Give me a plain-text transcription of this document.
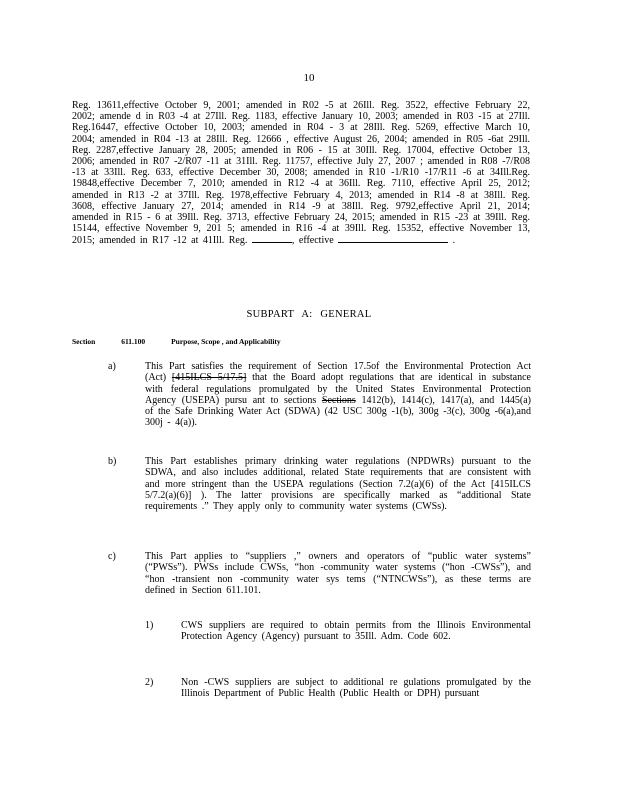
10
Reg. 13611,effective October 9, 2001; amended in R02 -5 at 26Ill. Reg. 3522, effective February 22, 2002; amende d in R03 -4 at 27Ill. Reg. 1183, effective January 10, 2003; amended in R03 -15 at 27Ill. Reg.16447, effective October 10, 2003; amended in R04 - 3 at 28Ill. Reg. 5269, effective March 10, 2004; amended in R04 -13 at 28Ill. Reg. 12666 , effective August 26, 2004; amended in R05 -6at 29Ill. Reg. 2287,effective January 28, 2005; amended in R06 - 15 at 30Ill. Reg. 17004, effective October 13, 2006; amended in R07 -2/R07 -11 at 31Ill. Reg. 11757, effective July 27, 2007 ; amended in R08 -7/R08 -13 at 33Ill. Reg. 633, effective December 30, 2008; amended in R10 -1/R10 -17/R11 -6 at 34Ill.Reg. 19848,effective December 7, 2010; amended in R12 -4 at 36Ill. Reg. 7110, effective April 25, 2012; amended in R13 -2 at 37Ill. Reg. 1978,effective February 4, 2013; amended in R14 -8 at 38Ill. Reg. 3608, effective January 27, 2014; amended in R14 -9 at 38Ill. Reg. 9792,effective April 21, 2014; amended in R15 - 6 at 39Ill. Reg. 3713, effective February 24, 2015; amended in R15 -23 at 39Ill. Reg. 15144, effective November 9, 201 5; amended in R16 -4 at 39Ill. Reg. 15352, effective November 13, 2015; amended in R17 -12 at 41Ill. Reg.	, effective	.
SUBPART A: GENERAL
Section	611.100	Purpose, Scope , and Applicability
a)	This Part satisfies the requirement of Section 17.5of the Environmental Protection Act (Act) [415ILCS 5/17.5] that the Board adopt regulations that are identical in substance with federal regulations promulgated by the United States Environmental Protection Agency (USEPA) pursu ant to sections Sections 1412(b), 1414(c), 1417(a), and 1445(a) of the Safe Drinking Water Act (SDWA) (42 USC 300g -1(b), 300g -3(c), 300g -6(a),and 300j - 4(a)).
b)	This Part establishes primary drinking water regulations (NPDWRs) pursuant to the SDWA, and also includes additional, related State requirements that are consistent with and more stringent than the USEPA regulations (Section 7.2(a)(6) of the Act [415ILCS 5/7.2(a)(6)] ). The latter provisions are specifically marked as “additional State requirements .” They apply only to community water systems (CWSs).
c)	This Part applies to “suppliers ,” owners and operators of “public water systems” (“PWSs”). PWSs include CWSs, “hon -community water systems (“hon -CWSs”), and “hon -transient non -community water sys tems (“NTNCWSs”), as these terms are defined in Section 611.101.
1)	CWS suppliers are required to obtain permits from the Illinois Environmental Protection Agency (Agency) pursuant to 35Ill. Adm. Code 602.
2)	Non -CWS suppliers are subject to additional re gulations promulgated by the Illinois Department of Public Health (Public Health or DPH) pursuant
